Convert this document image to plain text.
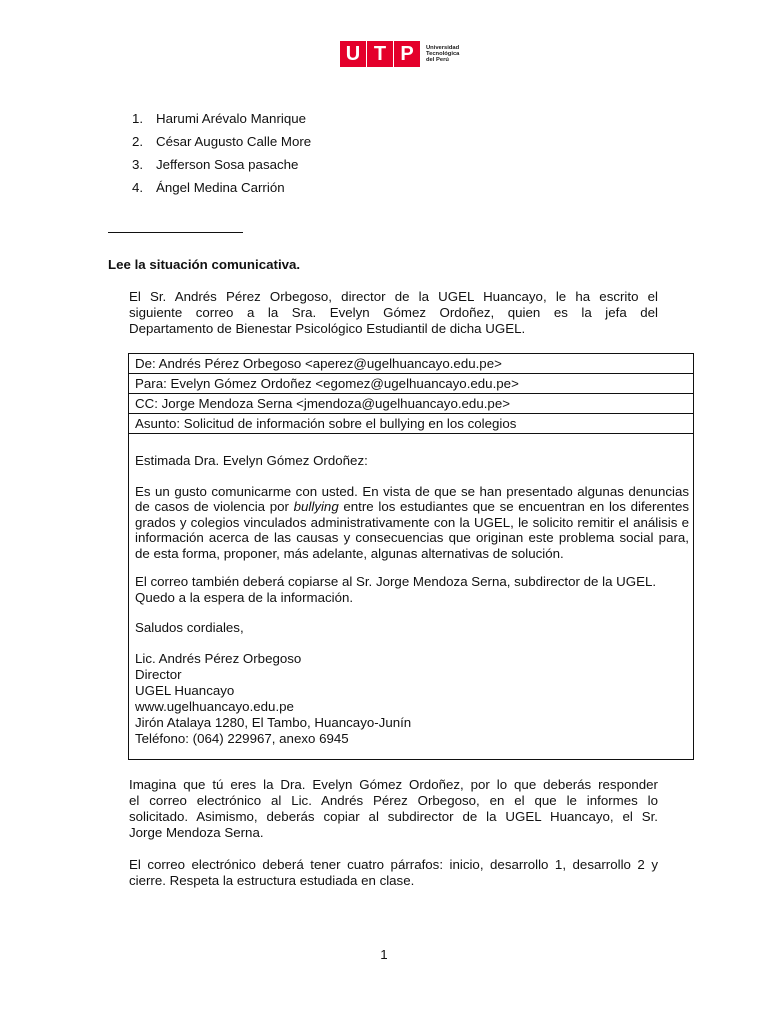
U T P	Universidad
Tecnológica
del Perú
1. Harumi Arévalo Manrique
2. César Augusto Calle More
3. Jefferson Sosa pasache
4. Ángel Medina Carrión
Lee la situación comunicativa.

El Sr. Andrés Pérez Orbegoso, director de la UGEL Huancayo, le ha escrito el
siguiente correo a la Sra. Evelyn Gómez Ordoñez, quien es la jefa del
Departamento de Bienestar Psicológico Estudiantil de dicha UGEL.

De: Andrés Pérez Orbegoso <aperez@ugelhuancayo.edu.pe>
Para: Evelyn Gómez Ordoñez <egomez@ugelhuancayo.edu.pe>
CC: Jorge Mendoza Serna <jmendoza@ugelhuancayo.edu.pe>
Asunto: Solicitud de información sobre el bullying en los colegios

Estimada Dra. Evelyn Gómez Ordoñez:

Es un gusto comunicarme con usted. En vista de que se han presentado algunas denuncias de casos de violencia por bullying entre los estudiantes que se encuentran en los diferentes grados y colegios vinculados administrativamente con la UGEL, le solicito remitir el análisis e información acerca de las causas y consecuencias que originan este problema social para, de esta forma, proponer, más adelante, algunas alternativas de solución.

El correo también deberá copiarse al Sr. Jorge Mendoza Serna, subdirector de la UGEL.
Quedo a la espera de la información.

Saludos cordiales,

Lic. Andrés Pérez Orbegoso
Director
UGEL Huancayo
www.ugelhuancayo.edu.pe
Jirón Atalaya 1280, El Tambo, Huancayo-Junín
Teléfono: (064) 229967, anexo 6945

Imagina que tú eres la Dra. Evelyn Gómez Ordoñez, por lo que deberás responder
el correo electrónico al Lic. Andrés Pérez Orbegoso, en el que le informes lo
solicitado. Asimismo, deberás copiar al subdirector de la UGEL Huancayo, el Sr.
Jorge Mendoza Serna.

El correo electrónico deberá tener cuatro párrafos: inicio, desarrollo 1, desarrollo 2 y
cierre. Respeta la estructura estudiada en clase.

1
